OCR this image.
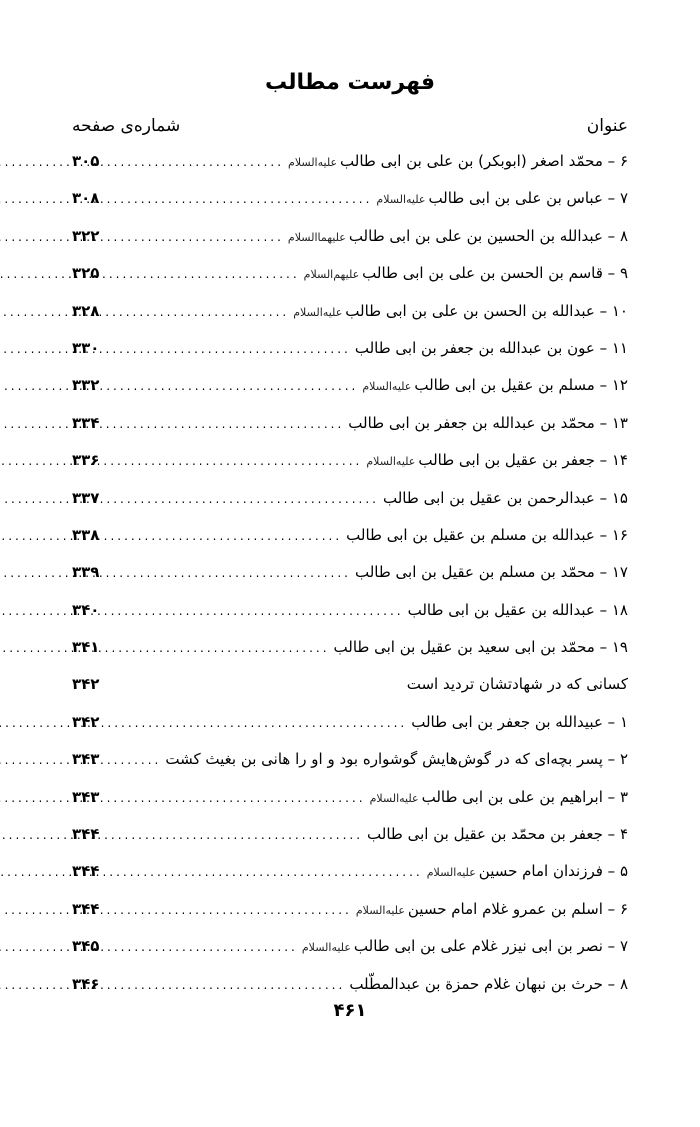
فهرست مطالب
عنوان
شماره‌ی صفحه
۶ – محمّد اصغر (ابوبکر) بن علی بن ابی طالب
علیه‌السلام
.....
۳۰۵
۷ – عباس بن علی بن ابی طالب
علیه‌السلام
.....
۳۰۸
۸ – عبدالله بن الحسین بن علی بن ابی طالب
علیهما‌السلام
.....
۳۲۲
۹ – قاسم بن الحسن بن علی بن ابی طالب
علیهم‌السلام
.....
۳۲۵
۱۰ – عبدالله بن الحسن بن علی بن ابی طالب
علیه‌السلام
.....
۳۲۸
۱۱ – عون بن عبدالله بن جعفر بن ابی طالب
.....
۳۳۰
۱۲ – مسلم بن عقیل بن ابی طالب
علیه‌السلام
.....
۳۳۲
۱۳ – محمّد بن عبدالله بن جعفر بن ابی طالب
.....
۳۳۴
۱۴ – جعفر بن عقیل بن ابی طالب
علیه‌السلام
.....
۳۳۶
۱۵ – عبدالرحمن بن عقیل بن ابی طالب
.....
۳۳۷
۱۶ – عبدالله بن مسلم بن عقیل بن ابی طالب
.....
۳۳۸
۱۷ – محمّد بن مسلم بن عقیل بن ابی طالب
.....
۳۳۹
۱۸ – عبدالله بن عقیل بن ابی طالب
.....
۳۴۰
۱۹ – محمّد بن ابی سعید بن عقیل بن ابی طالب
.....
۳۴۱
کسانی که در شهادتشان تردید است
۳۴۲
۱ – عبیدالله بن جعفر بن ابی طالب
.....
۳۴۲
۲ – پسر بچه‌ای که در گوش‌هایش گوشواره بود و او را هانی بن بغیث کشت
.....
۳۴۳
۳ – ابراهیم بن علی بن ابی طالب
علیه‌السلام
.....
۳۴۳
۴ – جعفر بن محمّد بن عقیل بن ابی طالب
.....
۳۴۴
۵ – فرزندان امام حسین
علیه‌السلام
.....
۳۴۴
۶ – اسلم بن عمرو غلام امام حسین
علیه‌السلام
.....
۳۴۴
۷ – نصر بن ابی نیزر غلام علی بن ابی طالب
علیه‌السلام
.....
۳۴۵
۸ – حرث بن نبهان غلام حمزة بن عبدالمطّلب
.....
۳۴۶
۴۶۱
